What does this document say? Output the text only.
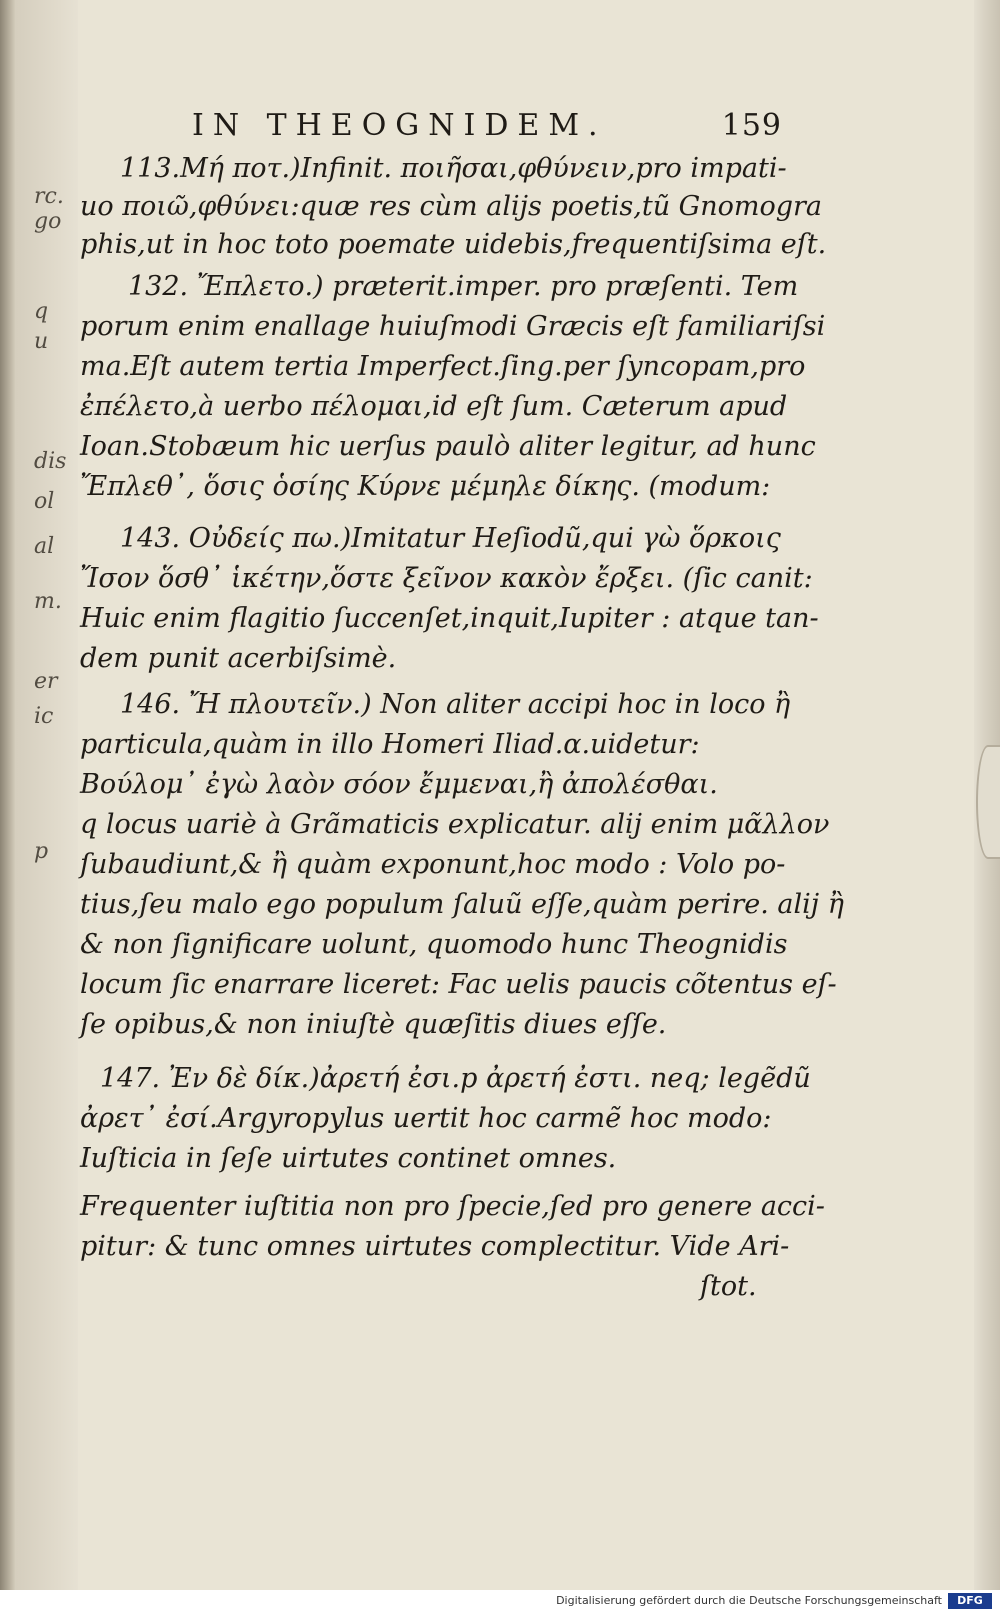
rc.
go
q
u
dis
ol
al
m.
er
ic
p
IN THEOGNIDEM.	159
113.Μή ποτ.)Infinit. ποιῆσαι,φθύνειν,pro impati-
uo ποιῶ,φθύνει:quæ res cùm aliјs poetis,tũ Gnomogra
phis,ut in hoc toto poemate uidebis,frequentiſsima eſt.
132. Ἔπλετο.) præterit.imper. pro præſenti. Tem
porum enim enallage huiuſmodi Græcis eſt familiariſsi
ma.Eſt autem tertia Imperfect.ſing.per ſyncopam,pro
ἐπέλετο,à uerbo πέλομαι,id eſt ſum. Cæterum apud
Ioan.Stobæum hic uerſus paulò aliter legitur, ad hunc
Ἔπλεθ᾽, ὅσις ὁσίης Κύρνε μέμηλε δίκης. (modum:
143. Οὐδείς πω.)Imitatur Heſiodũ,qui γὼ ὅρκοις
Ἴσον ὅσθ᾽ ἱκέτην,ὅστε ξεῖνον κακὸν ἔρξει. (ſic canit:
Huic enim flagitio ſuccenſet,inquit,Iupiter : atque tan-
dem punit acerbiſsimè.
146. Ἤ πλουτεῖν.) Non aliter accipi hoc in loco ἢ
particula,quàm in illo Homeri Iliad.α.uidetur:
Βούλομ᾽ ἐγὼ λαὸν σόον ἔμμεναι,ἢ ἀπολέσθαι.
q locus uariè à Grãmaticis explicatur. aliј enim μᾶλλον
ſubaudiunt,& ἢ quàm exponunt,hoc modo : Volo po-
tius,ſeu malo ego populum ſaluũ eſſe,quàm perire. aliј ἢ
& non ſignificare uolunt, quomodo hunc Theognidis
locum ſic enarrare liceret: Fac uelis paucis cõtentus eſ-
ſe opibus,& non iniuſtè quæſitis diues eſſe.
147. Ἐν δὲ δίκ.)ἀρετή ἐσι.p ἀρετή ἐστι. neq; legẽdũ
ἀρετ᾽ ἐσί.Argyropylus uertit hoc carmẽ hoc modo:
Iuſticia in ſeſe uirtutes continet omnes.
Frequenter iuſtitia non pro ſpecie,ſed pro genere acci-
pitur: & tunc omnes uirtutes complectitur. Vide Ari-
ſtot.
Digitalisierung gefördert durch die Deutsche Forschungsgemeinschaft	DFG
